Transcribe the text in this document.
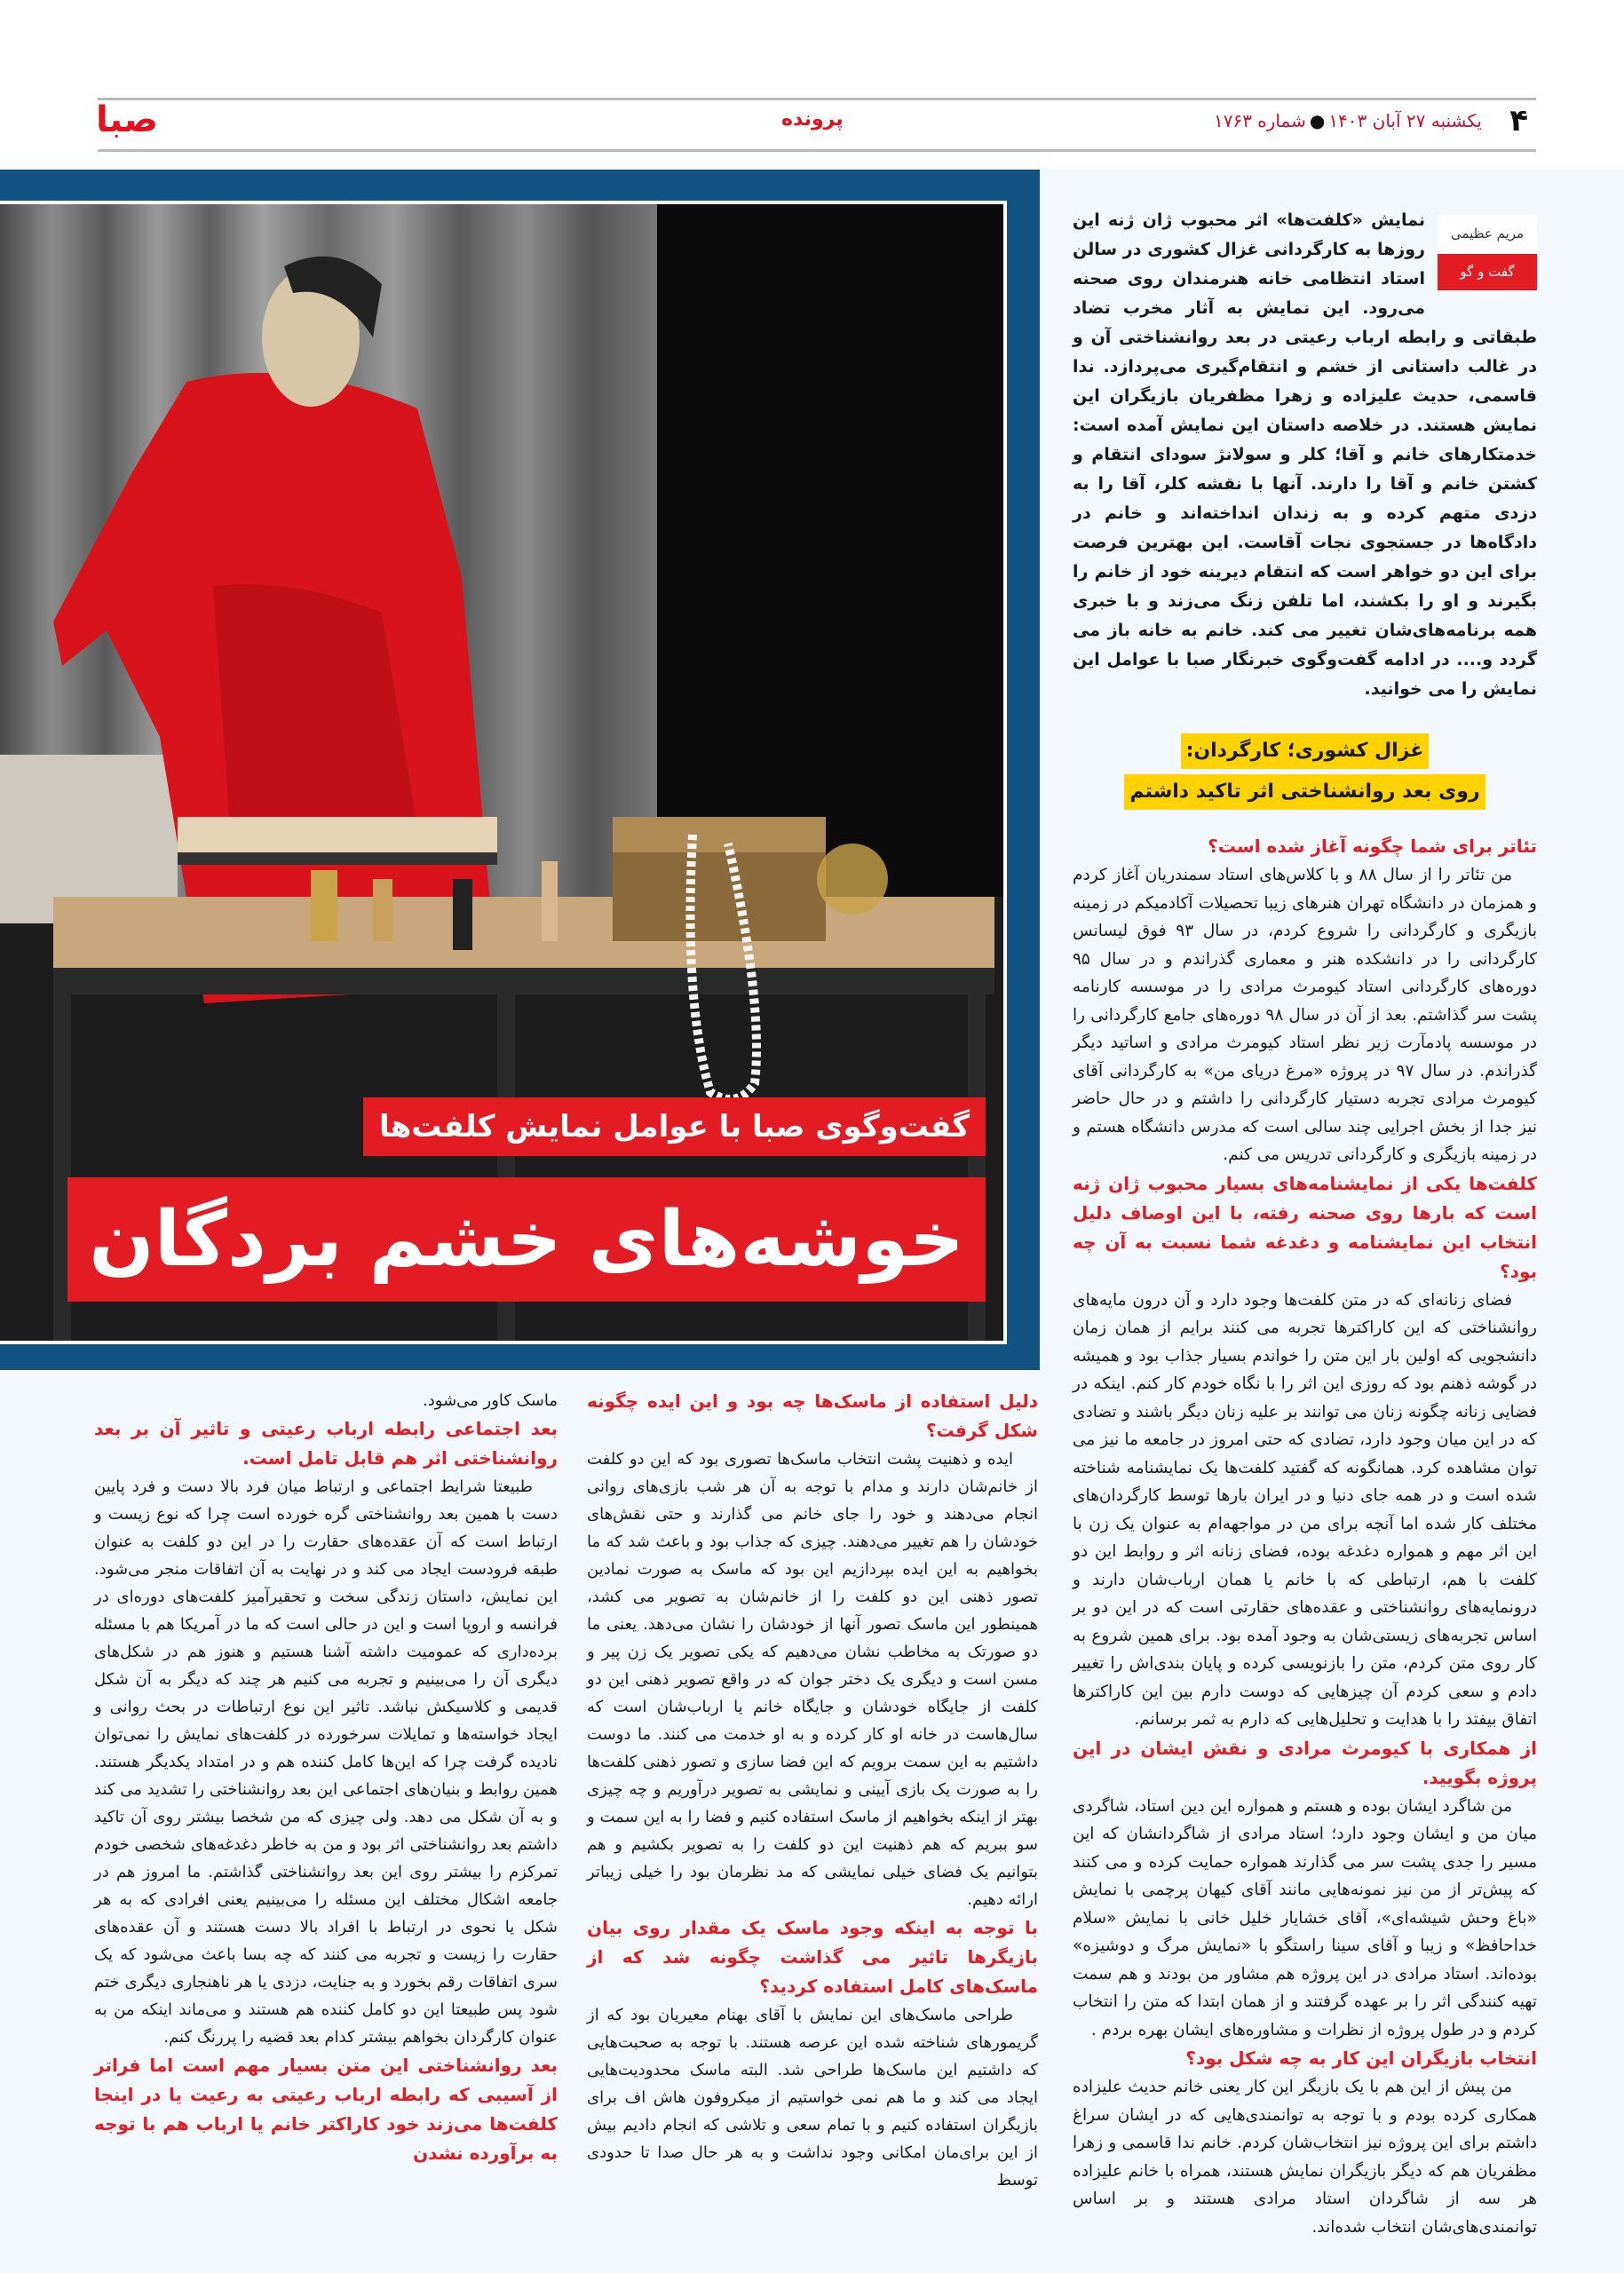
۴
یکشنبه ۲۷ آبان ۱۴۰۳●شماره ۱۷۶۳
پرونده
صبا
گفت‌وگوی صبا با عوامل نمایش کلفت‌ها
خوشه‌های خشم بردگان
مریم عظیمی
گفت و گو

نمایش «کلفت‌ها» اثر محبوب ژان ژنه این روزها به کارگردانی غزال کشوری در سالن استاد انتظامی خانه هنرمندان روی صحنه می‌رود. این نمایش به آثار مخرب تضاد طبقاتی و رابطه ارباب رعیتی در بعد روانشناختی آن و در غالب داستانی از خشم و انتقام‌گیری می‌پردازد. ندا قاسمی، حدیث علیزاده و زهرا مظفریان بازیگران این نمایش هستند. در خلاصه داستان این نمایش آمده است: خدمتکارهای خانم و آقا؛ کلر و سولانژ سودای انتقام و کشتن خانم و آقا را دارند. آنها با نقشه کلر، آقا را به دزدی متهم کرده و به زندان انداخته‌اند و خانم در دادگاه‌ها در جستجوی نجات آقاست. این بهترین فرصت برای این دو خواهر است که انتقام دیرینه خود از خانم را بگیرند و او را بکشند، اما تلفن زنگ می‌زند و با خبری همه برنامه‌های‌شان تغییر می کند. خانم به خانه باز می گردد و.... در ادامه گفت‌وگوی خبرنگار صبا با عوامل این نمایش را می خوانید.

غزال کشوری؛ کارگردان:
روی بعد روانشناختی اثر تاکید داشتم

تئاتر برای شما چگونه آغاز شده است؟

من تئاتر را از سال ۸۸ و با کلاس‌های استاد سمندریان آغاز کردم و همزمان در دانشگاه تهران هنرهای زیبا تحصیلات آکادمیکم در زمینه بازیگری و کارگردانی را شروع کردم، در سال ۹۳ فوق لیسانس کارگردانی را در دانشکده هنر و معماری گذراندم و در سال ۹۵ دوره‌های کارگردانی استاد کیومرث مرادی را در موسسه کارنامه پشت سر گذاشتم. بعد از آن در سال ۹۸ دوره‌های جامع کارگردانی را در موسسه پادمآرت زیر نظر استاد کیومرث مرادی و اساتید دیگر گذراندم. در سال ۹۷ در پروژه «مرغ دریای من» به کارگردانی آقای کیومرث مرادی تجربه دستیار کارگردانی را داشتم و در حال حاضر نیز جدا از بخش اجرایی چند سالی است که مدرس دانشگاه هستم و در زمینه بازیگری و کارگردانی تدریس می کنم.

کلفت‌ها یکی از نمایشنامه‌های بسیار محبوب ژان ژنه است که بارها روی صحنه رفته، با این اوصاف دلیل انتخاب این نمایشنامه و دغدغه شما نسبت به آن چه بود؟

فضای زنانه‌ای که در متن کلفت‌ها وجود دارد و آن درون مایه‌های روانشناختی که این کاراکترها تجربه می کنند برایم از همان زمان دانشجویی که اولین بار این متن را خواندم بسیار جذاب بود و همیشه در گوشه ذهنم بود که روزی این اثر را با نگاه خودم کار کنم. اینکه در فضایی زنانه چگونه زنان می توانند بر علیه زنان دیگر باشند و تضادی که در این میان وجود دارد، تضادی که حتی امروز در جامعه ما نیز می توان مشاهده کرد. همانگونه که گفتید کلفت‌ها یک نمایشنامه شناخته شده است و در همه جای دنیا و در ایران بارها توسط کارگردان‌های مختلف کار شده اما آنچه برای من در مواجهه‌ام به عنوان یک زن با این اثر مهم و همواره دغدغه بوده، فضای زنانه اثر و روابط این دو کلفت با هم، ارتباطی که با خانم یا همان ارباب‌شان دارند و درونمایه‌های روانشناختی و عقده‌های حقارتی است که در این دو بر اساس تجربه‌های زیستی‌شان به وجود آمده بود. برای همین شروع به کار روی متن کردم، متن را بازنویسی کرده و پایان بندی‌اش را تغییر دادم و سعی کردم آن چیزهایی که دوست دارم بین این کاراکترها اتفاق بیفتد را با هدایت و تحلیل‌هایی که دارم به ثمر برسانم.

از همکاری با کیومرث مرادی و نقش ایشان در این پروژه بگویید.

من شاگرد ایشان بوده و هستم و همواره این دین استاد، شاگردی میان من و ایشان وجود دارد؛ استاد مرادی از شاگردانشان که این مسیر را جدی پشت سر می گذارند همواره حمایت کرده و می کنند که پیش‌تر از من نیز نمونه‌هایی مانند آقای کیهان پرچمی با نمایش «باغ وحش شیشه‌ای»، آقای خشایار خلیل خانی با نمایش «سلام خداحافظ» و زیبا و آقای سینا راستگو با «نمایش مرگ و دوشیزه» بوده‌اند. استاد مرادی در این پروژه هم مشاور من بودند و هم سمت تهیه کنندگی اثر را بر عهده گرفتند و از همان ابتدا که متن را انتخاب کردم و در طول پروژه از نظرات و مشاوره‌های ایشان بهره بردم .

انتخاب بازیگران این کار به چه شکل بود؟

من پیش از این هم با یک بازیگر این کار یعنی خانم حدیث علیزاده همکاری کرده بودم و با توجه به توانمندی‌هایی که در ایشان سراغ داشتم برای این پروژه نیز انتخاب‌شان کردم. خانم ندا قاسمی و زهرا مظفریان هم که دیگر بازیگران نمایش هستند، همراه با خانم علیزاده هر سه از شاگردان استاد مرادی هستند و بر اساس توانمندی‌های‌شان انتخاب شده‌اند.

دلیل استفاده از ماسک‌ها چه بود و این ایده چگونه شکل گرفت؟

ایده و ذهنیت پشت انتخاب ماسک‌ها تصوری بود که این دو کلفت از خانم‌شان دارند و مدام با توجه به آن هر شب بازی‌های روانی انجام می‌دهند و خود را جای خانم می گذارند و حتی نقش‌های خودشان را هم تغییر می‌دهند. چیزی که جذاب بود و باعث شد که ما بخواهیم به این ایده بپردازیم این بود که ماسک به صورت نمادین تصور ذهنی این دو کلفت را از خانم‌شان به تصویر می کشد، همینطور این ماسک تصور آنها از خودشان را نشان می‌دهد. یعنی ما دو صورتک به مخاطب نشان می‌دهیم که یکی تصویر یک زن پیر و مسن است و دیگری یک دختر جوان که در واقع تصویر ذهنی این دو کلفت از جایگاه خودشان و جایگاه خانم یا ارباب‌شان است که سال‌هاست در خانه او کار کرده و به او خدمت می کنند. ما دوست داشتیم به این سمت برویم که این فضا سازی و تصور ذهنی کلفت‌ها را به صورت یک بازی آیینی و نمایشی به تصویر درآوریم و چه چیزی بهتر از اینکه بخواهیم از ماسک استفاده کنیم و فضا را به این سمت و سو ببریم که هم ذهنیت این دو کلفت را به تصویر بکشیم و هم بتوانیم یک فضای خیلی نمایشی که مد نظرمان بود را خیلی زیباتر ارائه دهیم.

با توجه به اینکه وجود ماسک یک مقدار روی بیان بازیگرها تاثیر می گذاشت چگونه شد که از ماسک‌های کامل استفاده کردید؟

طراحی ماسک‌های این نمایش با آقای بهنام معیریان بود که از گریمورهای شناخته شده این عرصه هستند. با توجه به صحبت‌هایی که داشتیم این ماسک‌ها طراحی شد. البته ماسک محدودیت‌هایی ایجاد می کند و ما هم نمی خواستیم از میکروفون هاش اف برای بازیگران استفاده کنیم و با تمام سعی و تلاشی که انجام دادیم بیش از این برای‌مان امکانی وجود نداشت و به هر حال صدا تا حدودی توسط

ماسک کاور می‌شود.

بعد اجتماعی رابطه ارباب رعیتی و تاثیر آن بر بعد روانشناختی اثر هم قابل تامل است.

طبیعتا شرایط اجتماعی و ارتباط میان فرد بالا دست و فرد پایین دست با همین بعد روانشناختی گره خورده است چرا که نوع زیست و ارتباط است که آن عقده‌های حقارت را در این دو کلفت به عنوان طبقه فرودست ایجاد می کند و در نهایت به آن اتفاقات منجر می‌شود. این نمایش، داستان زندگی سخت و تحقیرآمیز کلفت‌های دوره‌ای در فرانسه و اروپا است و این در حالی است که ما در آمریکا هم با مسئله برده‌داری که عمومیت داشته آشنا هستیم و هنوز هم در شکل‌های دیگری آن را می‌بینیم و تجربه می کنیم هر چند که دیگر به آن شکل قدیمی و کلاسیکش نباشد. تاثیر این نوع ارتباطات در بحث روانی و ایجاد خواسته‌ها و تمایلات سرخورده در کلفت‌های نمایش را نمی‌توان نادیده گرفت چرا که این‌ها کامل کننده هم و در امتداد یکدیگر هستند. همین روابط و بنیان‌های اجتماعی این بعد روانشناختی را تشدید می کند و به آن شکل می دهد. ولی چیزی که من شخصا بیشتر روی آن تاکید داشتم بعد روانشناختی اثر بود و من به خاطر دغدغه‌های شخصی خودم تمرکزم را بیشتر روی این بعد روانشناختی گذاشتم. ما امروز هم در جامعه اشکال مختلف این مسئله را می‌بینیم یعنی افرادی که به هر شکل یا نحوی در ارتباط با افراد بالا دست هستند و آن عقده‌های حقارت را زیست و تجربه می کنند که چه بسا باعث می‌شود که یک سری اتفاقات رقم بخورد و به جنایت، دزدی یا هر ناهنجاری دیگری ختم شود پس طبیعتا این دو کامل کننده هم هستند و می‌ماند اینکه من به عنوان کارگردان بخواهم بیشتر کدام بعد قضیه را پررنگ کنم.

بعد روانشناختی این متن بسیار مهم است اما فراتر از آسیبی که رابطه ارباب رعیتی به رعیت یا در اینجا کلفت‌ها می‌زند خود کاراکتر خانم یا ارباب هم با توجه به برآورده نشدن
